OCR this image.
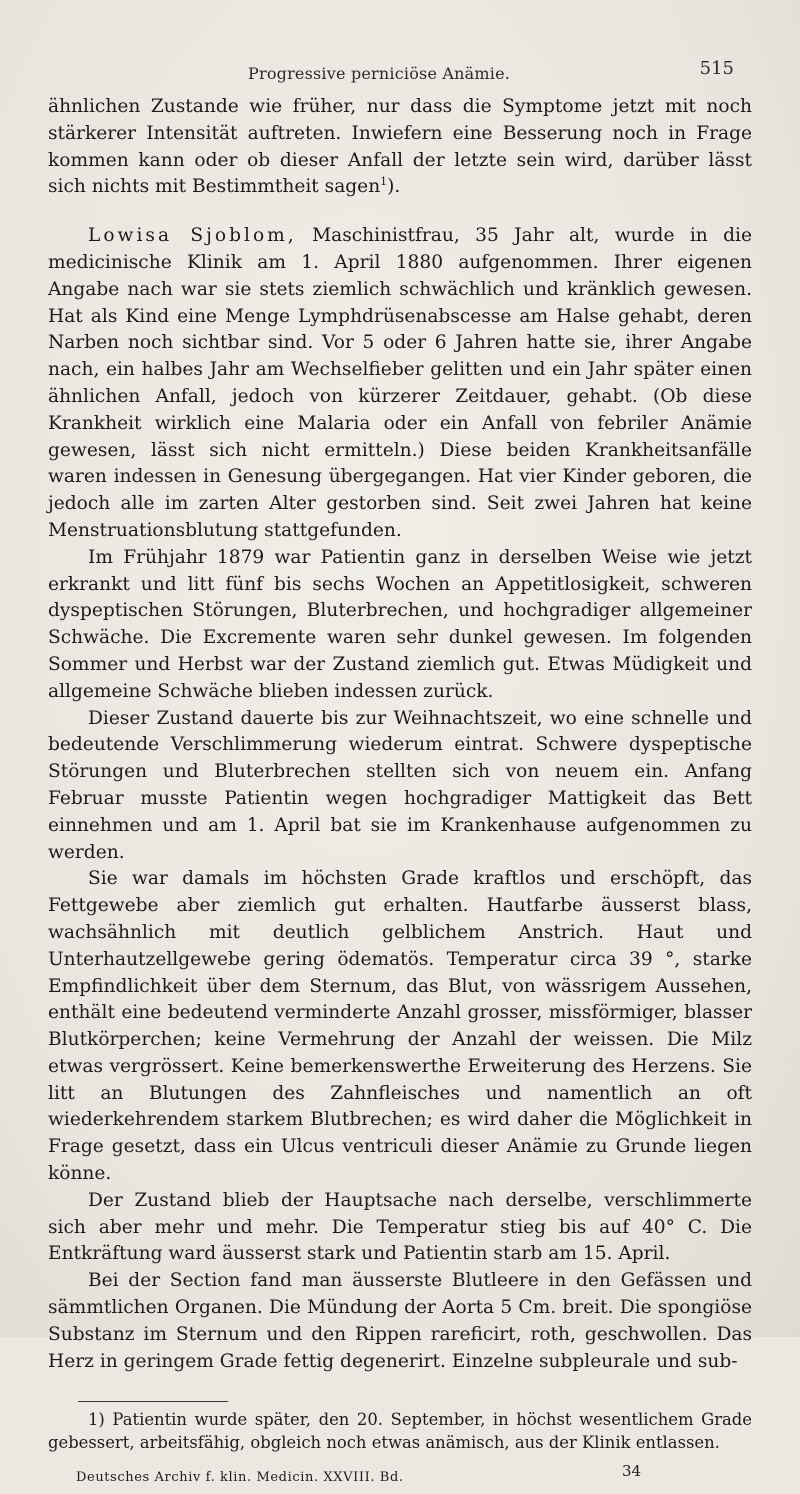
Progressive perniciöse Anämie.	515

ähnlichen Zustande wie früher, nur dass die Symptome jetzt mit noch stärkerer Intensität auftreten. Inwiefern eine Besserung noch in Frage kommen kann oder ob dieser Anfall der letzte sein wird, darüber lässt sich nichts mit Bestimmtheit sagen$^1$).

Lowisa Sjoblom, Maschinistfrau, 35 Jahr alt, wurde in die medicinische Klinik am 1. April 1880 aufgenommen. Ihrer eigenen Angabe nach war sie stets ziemlich schwächlich und kränklich gewesen. Hat als Kind eine Menge Lymphdrüsenabscesse am Halse gehabt, deren Narben noch sichtbar sind. Vor 5 oder 6 Jahren hatte sie, ihrer Angabe nach, ein halbes Jahr am Wechselfieber gelitten und ein Jahr später einen ähnlichen Anfall, jedoch von kürzerer Zeitdauer, gehabt. (Ob diese Krankheit wirklich eine Malaria oder ein Anfall von febriler Anämie gewesen, lässt sich nicht ermitteln.) Diese beiden Krankheitsanfälle waren indessen in Genesung übergegangen. Hat vier Kinder geboren, die jedoch alle im zarten Alter gestorben sind. Seit zwei Jahren hat keine Menstruationsblutung stattgefunden.

Im Frühjahr 1879 war Patientin ganz in derselben Weise wie jetzt erkrankt und litt fünf bis sechs Wochen an Appetitlosigkeit, schweren dyspeptischen Störungen, Bluterbrechen, und hochgradiger allgemeiner Schwäche. Die Excremente waren sehr dunkel gewesen. Im folgenden Sommer und Herbst war der Zustand ziemlich gut. Etwas Müdigkeit und allgemeine Schwäche blieben indessen zurück.

Dieser Zustand dauerte bis zur Weihnachtszeit, wo eine schnelle und bedeutende Verschlimmerung wiederum eintrat. Schwere dyspeptische Störungen und Bluterbrechen stellten sich von neuem ein. Anfang Februar musste Patientin wegen hochgradiger Mattigkeit das Bett einnehmen und am 1. April bat sie im Krankenhause aufgenommen zu werden.

Sie war damals im höchsten Grade kraftlos und erschöpft, das Fettgewebe aber ziemlich gut erhalten. Hautfarbe äusserst blass, wachsähnlich mit deutlich gelblichem Anstrich. Haut und Unterhautzellgewebe gering ödematös. Temperatur circa 39 °, starke Empfindlichkeit über dem Sternum, das Blut, von wässrigem Aussehen, enthält eine bedeutend verminderte Anzahl grosser, missförmiger, blasser Blutkörperchen; keine Vermehrung der Anzahl der weissen. Die Milz etwas vergrössert. Keine bemerkenswerthe Erweiterung des Herzens. Sie litt an Blutungen des Zahnfleisches und namentlich an oft wiederkehrendem starkem Blutbrechen; es wird daher die Möglichkeit in Frage gesetzt, dass ein Ulcus ventriculi dieser Anämie zu Grunde liegen könne.

Der Zustand blieb der Hauptsache nach derselbe, verschlimmerte sich aber mehr und mehr. Die Temperatur stieg bis auf 40° C. Die Entkräftung ward äusserst stark und Patientin starb am 15. April.

Bei der Section fand man äusserste Blutleere in den Gefässen und sämmtlichen Organen. Die Mündung der Aorta 5 Cm. breit. Die spongiöse Substanz im Sternum und den Rippen rareficirt, roth, geschwollen. Das Herz in geringem Grade fettig degenerirt. Einzelne subpleurale und sub-

1) Patientin wurde später, den 20. September, in höchst wesentlichem Grade gebessert, arbeitsfähig, obgleich noch etwas anämisch, aus der Klinik entlassen.

Deutsches Archiv f. klin. Medicin. XXVIII. Bd.	34
